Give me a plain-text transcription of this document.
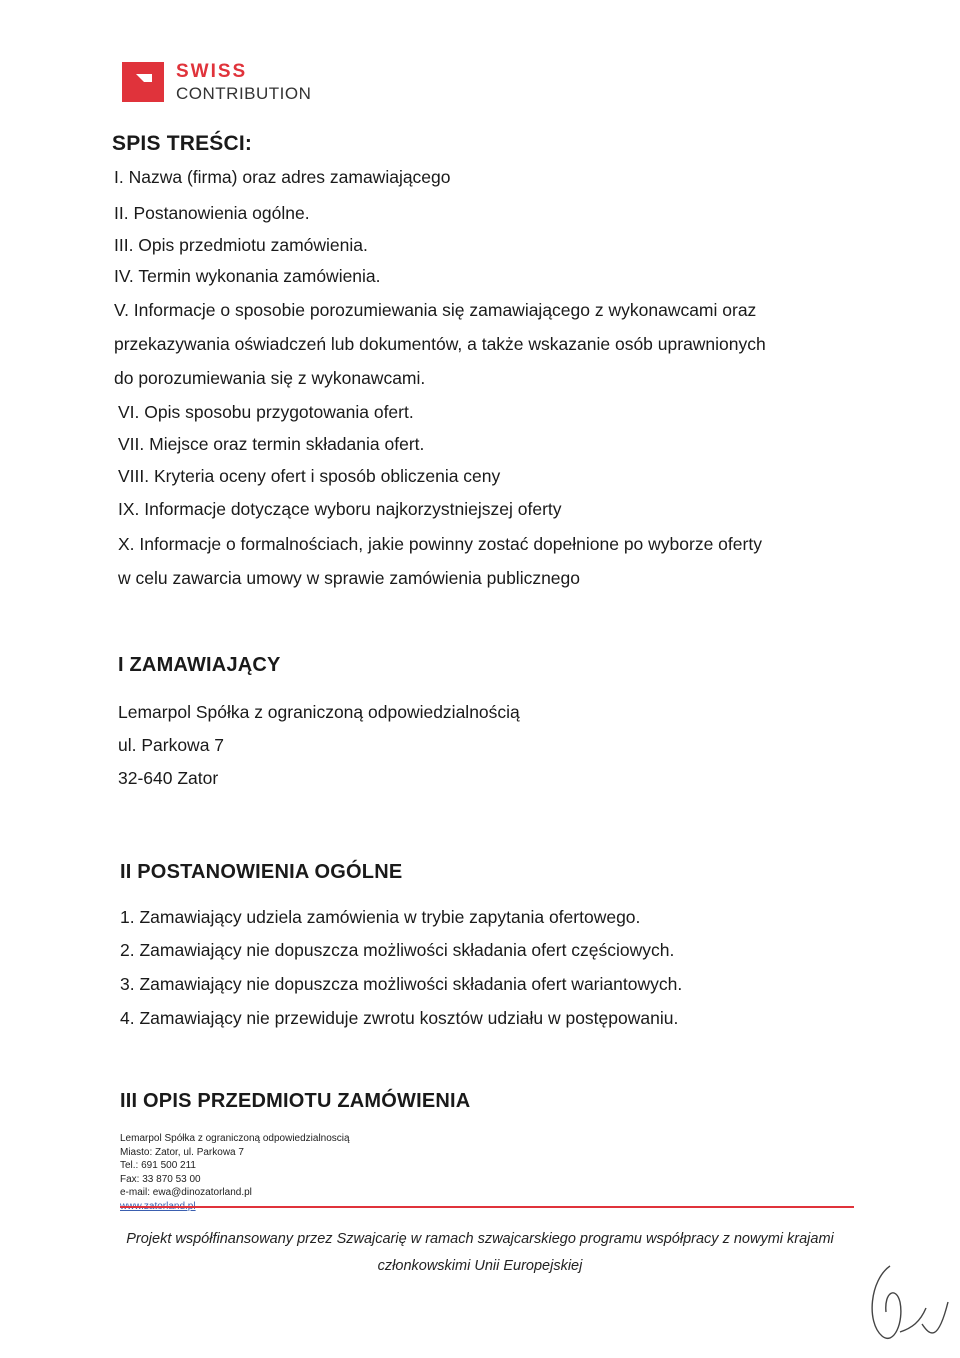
SWISS
CONTRIBUTION
SPIS TREŚCI:
I. Nazwa (firma) oraz adres zamawiającego
II. Postanowienia ogólne.
III. Opis przedmiotu zamówienia.
IV. Termin wykonania zamówienia.
V. Informacje o sposobie porozumiewania się zamawiającego z wykonawcami oraz
przekazywania oświadczeń lub dokumentów, a także wskazanie osób uprawnionych
do porozumiewania się z wykonawcami.
VI. Opis sposobu przygotowania ofert.
VII. Miejsce oraz termin składania ofert.
VIII. Kryteria oceny ofert i sposób obliczenia ceny
IX. Informacje dotyczące wyboru najkorzystniejszej oferty
X. Informacje o formalnościach, jakie powinny zostać dopełnione po wyborze oferty
w celu zawarcia umowy w sprawie zamówienia publicznego
I ZAMAWIAJĄCY
Lemarpol Spółka z ograniczoną odpowiedzialnością
ul. Parkowa 7
32-640 Zator
II POSTANOWIENIA OGÓLNE
1. Zamawiający udziela zamówienia w trybie zapytania ofertowego.
2. Zamawiający nie dopuszcza możliwości składania ofert częściowych.
3. Zamawiający nie dopuszcza możliwości składania ofert wariantowych.
4. Zamawiający nie przewiduje zwrotu kosztów udziału w postępowaniu.
III OPIS PRZEDMIOTU ZAMÓWIENIA
Lemarpol Spółka z ograniczoną odpowiedzialnoscią
Miasto: Zator, ul. Parkowa 7
Tel.: 691 500 211
Fax: 33 870 53 00
e-mail: ewa@dinozatorland.pl
Projekt współfinansowany przez Szwajcarię w ramach szwajcarskiego programu współpracy z nowymi krajami
członkowskimi Unii Europejskiej
